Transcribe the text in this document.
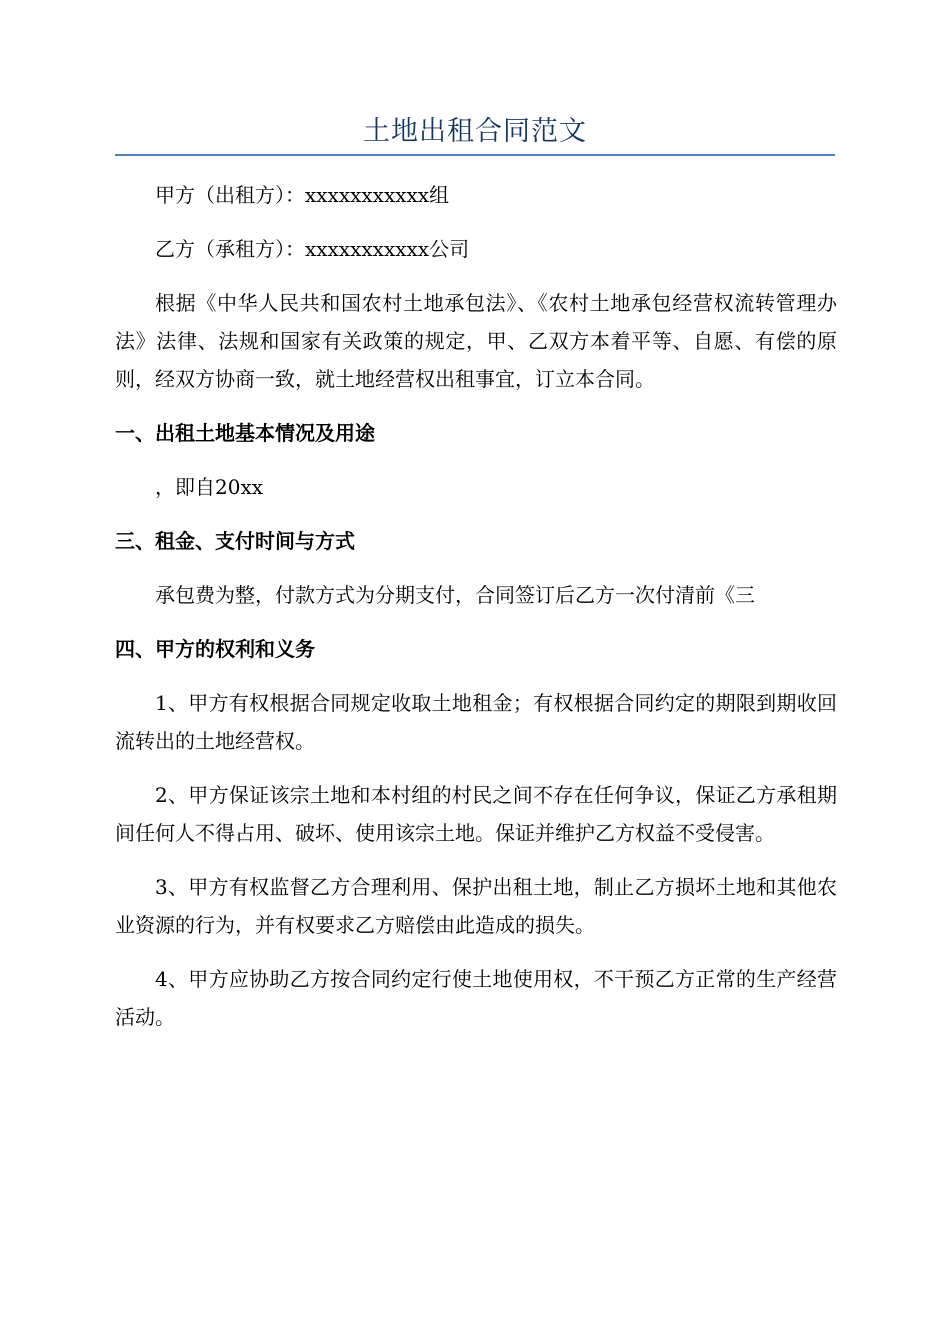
土地出租合同范文

甲方（出租方）：xxxxxxxxxxx组

乙方（承租方）：xxxxxxxxxxx公司

根据《中华人民共和国农村土地承包法》、《农村土地承包经营权流转管理办法》法律、法规和国家有关政策的规定，甲、乙双方本着平等、自愿、有偿的原则，经双方协商一致，就土地经营权出租事宜，订立本合同。

一、出租土地基本情况及用途

，即自20xx

三、租金、支付时间与方式

承包费为整，付款方式为分期支付，合同签订后乙方一次付清前《三

四、甲方的权利和义务

1、甲方有权根据合同规定收取土地租金；有权根据合同约定的期限到期收回流转出的土地经营权。

2、甲方保证该宗土地和本村组的村民之间不存在任何争议，保证乙方承租期间任何人不得占用、破坏、使用该宗土地。保证并维护乙方权益不受侵害。

3、甲方有权监督乙方合理利用、保护出租土地，制止乙方损坏土地和其他农业资源的行为，并有权要求乙方赔偿由此造成的损失。

4、甲方应协助乙方按合同约定行使土地使用权，不干预乙方正常的生产经营活动。
